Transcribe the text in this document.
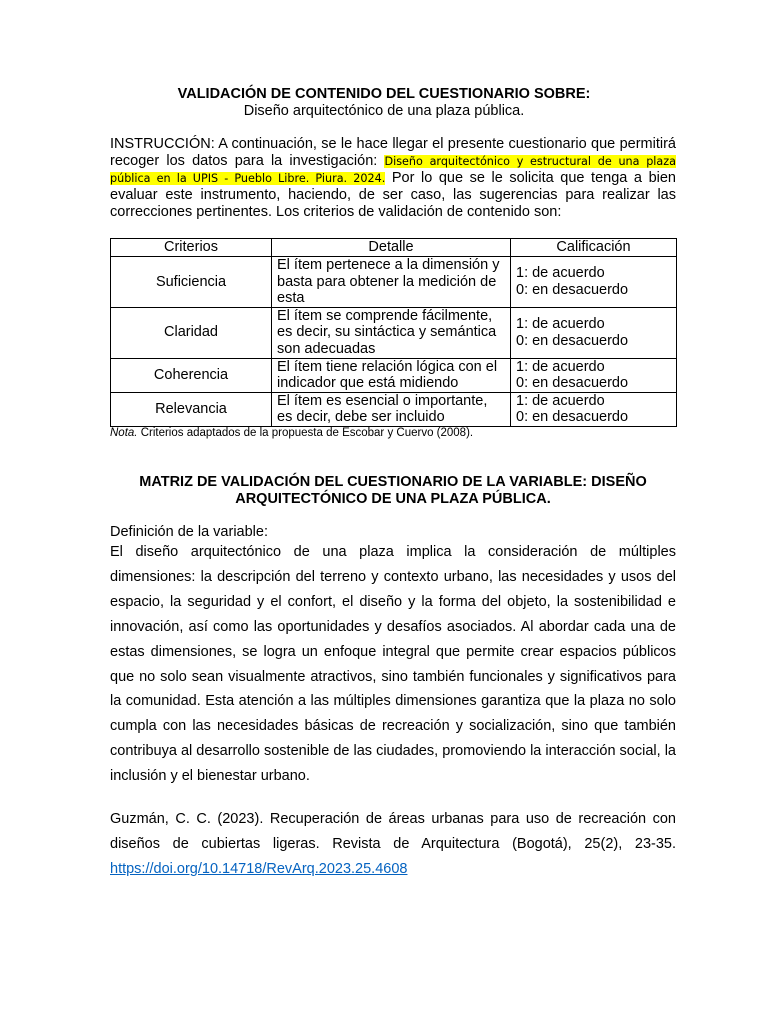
VALIDACIÓN DE CONTENIDO DEL CUESTIONARIO SOBRE:
Diseño arquitectónico de una plaza pública.
INSTRUCCIÓN: A continuación, se le hace llegar el presente cuestionario que permitirá recoger los datos para la investigación: Diseño arquitectónico y estructural de una plaza pública en la UPIS - Pueblo Libre. Piura. 2024. Por lo que se le solicita que tenga a bien evaluar este instrumento, haciendo, de ser caso, las sugerencias para realizar las correcciones pertinentes. Los criterios de validación de contenido son:
Criterios	Detalle	Calificación
Suficiencia	El ítem pertenece a la dimensión y basta para obtener la medición de esta	1: de acuerdo
0: en desacuerdo

Claridad	El ítem se comprende fácilmente, es decir, su sintáctica y semántica son adecuadas	1: de acuerdo
0: en desacuerdo

Coherencia	El ítem tiene relación lógica con el indicador que está midiendo	1: de acuerdo
0: en desacuerdo

Relevancia	El ítem es esencial o importante, es decir, debe ser incluido	1: de acuerdo
0: en desacuerdo
Nota. Criterios adaptados de la propuesta de Escobar y Cuervo (2008).
MATRIZ DE VALIDACIÓN DEL CUESTIONARIO DE LA VARIABLE: DISEÑO ARQUITECTÓNICO DE UNA PLAZA PÚBLICA.
Definición de la variable:
El diseño arquitectónico de una plaza implica la consideración de múltiples dimensiones: la descripción del terreno y contexto urbano, las necesidades y usos del espacio, la seguridad y el confort, el diseño y la forma del objeto, la sostenibilidad e innovación, así como las oportunidades y desafíos asociados. Al abordar cada una de estas dimensiones, se logra un enfoque integral que permite crear espacios públicos que no solo sean visualmente atractivos, sino también funcionales y significativos para la comunidad. Esta atención a las múltiples dimensiones garantiza que la plaza no solo cumpla con las necesidades básicas de recreación y socialización, sino que también contribuya al desarrollo sostenible de las ciudades, promoviendo la interacción social, la inclusión y el bienestar urbano.
Guzmán, C. C. (2023). Recuperación de áreas urbanas para uso de recreación con diseños de cubiertas ligeras. Revista de Arquitectura (Bogotá), 25(2), 23-35. https://doi.org/10.14718/RevArq.2023.25.4608
